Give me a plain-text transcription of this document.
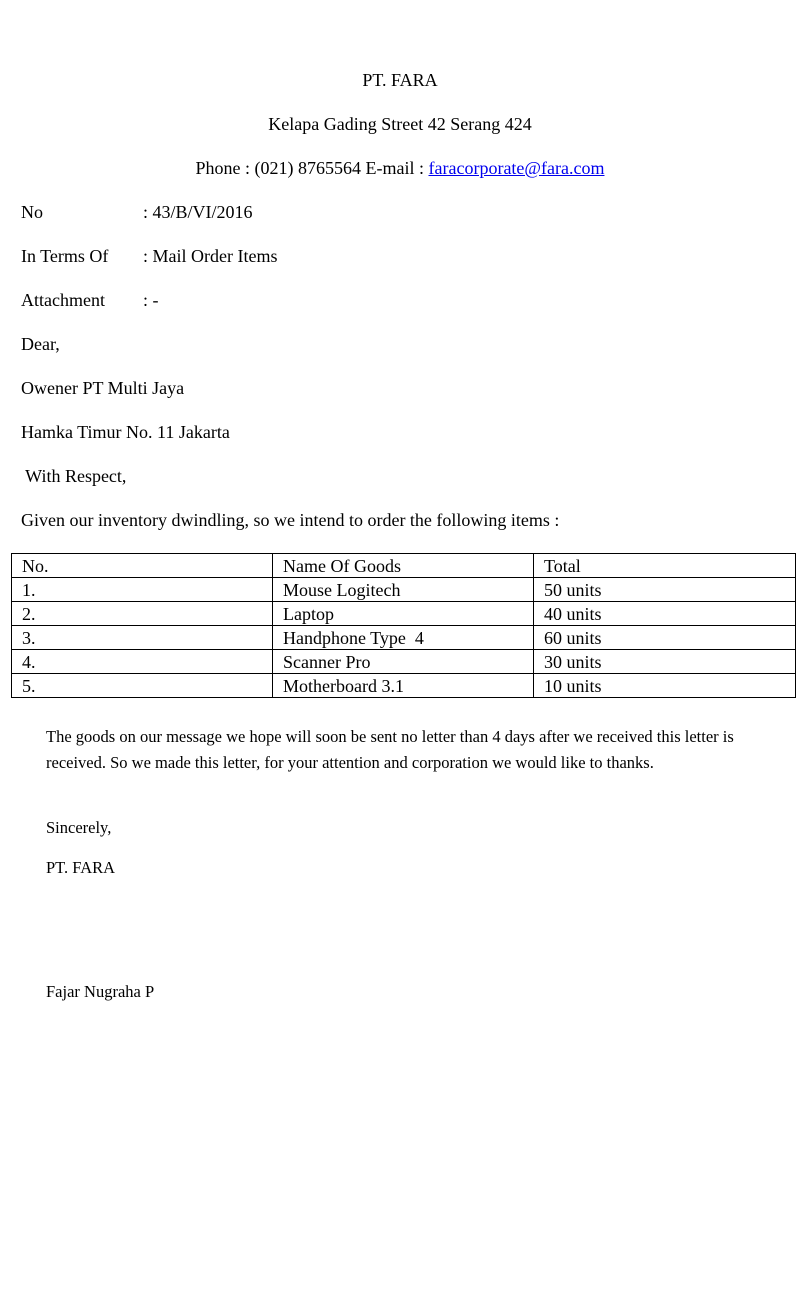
PT. FARA
Kelapa Gading Street 42 Serang 424
Phone : (021) 8765564 E-mail : faracorporate@fara.com
No	: 43/B/VI/2016
In Terms Of : Mail Order Items
Attachment : -
Dear,
Owener PT Multi Jaya
Hamka Timur No. 11 Jakarta
With Respect,
Given our inventory dwindling, so we intend to order the following items :
No.	Name Of Goods	Total
1.	Mouse Logitech	50 units
2.	Laptop	40 units
3.	Handphone Type  4	60 units
4.	Scanner Pro	30 units
5.	Motherboard 3.1	10 units
The goods on our message we hope will soon be sent no letter than 4 days after we received this letter is received. So we made this letter, for your attention and corporation we would like to thanks.
Sincerely,
PT. FARA
Fajar Nugraha P
